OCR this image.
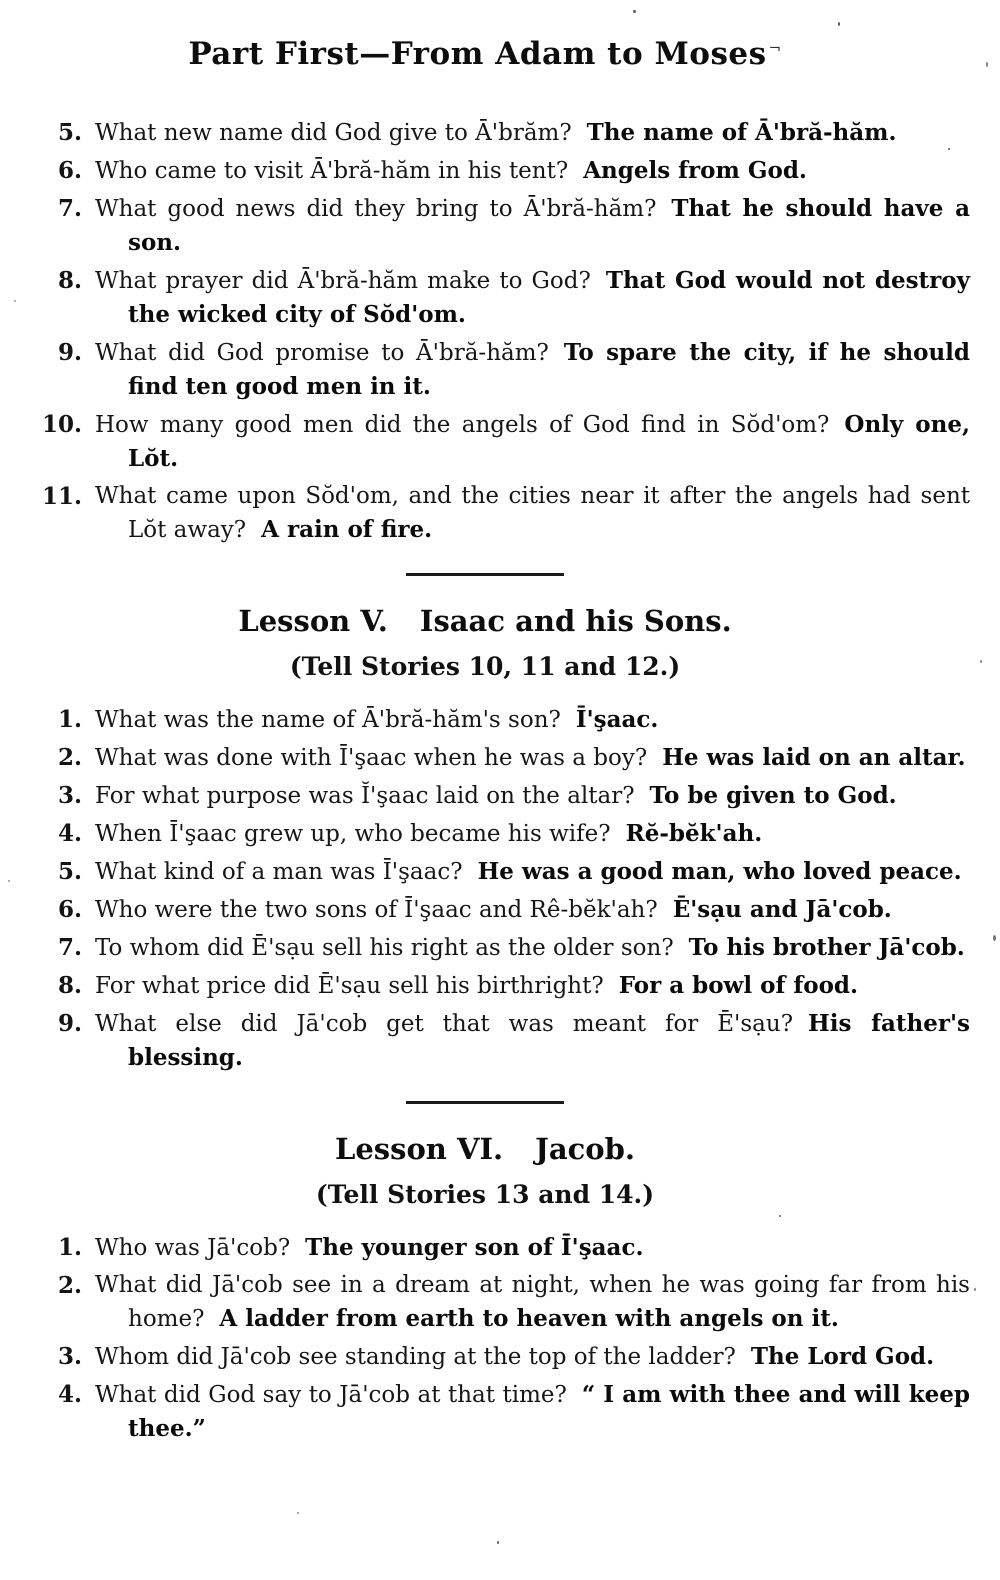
Part First—From Adam to Moses ¬
5. What new name did God give to Ā'brăm? The name of Ā'bră-hăm.
6. Who came to visit Ā'bră-hăm in his tent? Angels from God.
7. What good news did they bring to Ā'bră-hăm? That he should have a son.
8. What prayer did Ā'bră-hăm make to God? That God would not destroy the wicked city of Sŏd'om.
9. What did God promise to Ā'bră-hăm? To spare the city, if he should find ten good men in it.
10. How many good men did the angels of God find in Sŏd'om? Only one, Lŏt.
11. What came upon Sŏd'om, and the cities near it after the angels had sent Lŏt away? A rain of fire.
Lesson V. Isaac and his Sons.

(Tell Stories 10, 11 and 12.)

1. What was the name of Ā'bră-hăm's son? Ī'şaac.
2. What was done with Ī'şaac when he was a boy? He was laid on an altar.
3. For what purpose was Ĭ'şaac laid on the altar? To be given to God.
4. When Ī'şaac grew up, who became his wife? Rĕ-bĕk'ah.
5. What kind of a man was Ī'şaac? He was a good man, who loved peace.
6. Who were the two sons of Ī'şaac and Rê-bĕk'ah? Ē'sạu and Jā'cob.
7. To whom did Ē'sạu sell his right as the older son? To his brother Jā'cob.
8. For what price did Ē'sạu sell his birthright? For a bowl of food.
9. What else did Jā'cob get that was meant for Ē'sạu? His father's blessing.
Lesson VI. Jacob.

(Tell Stories 13 and 14.)

1. Who was Jā'cob? The younger son of Ī'şaac.
2. What did Jā'cob see in a dream at night, when he was going far from his home? A ladder from earth to heaven with angels on it.
3. Whom did Jā'cob see standing at the top of the ladder? The Lord God.
4. What did God say to Jā'cob at that time? “ I am with thee and will keep thee.”
